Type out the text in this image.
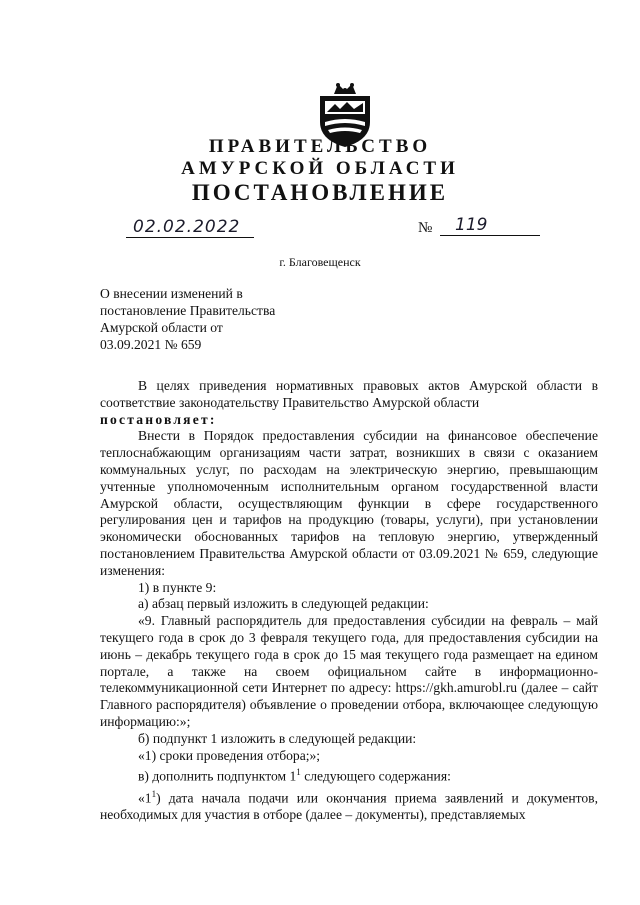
ПРАВИТЕЛЬСТВО
АМУРСКОЙ ОБЛАСТИ
ПОСТАНОВЛЕНИЕ
02.02.2022	№ 119
г. Благовещенск
О внесении изменений в
постановление Правительства
Амурской области от
03.09.2021 № 659

В целях приведения нормативных правовых актов Амурской области в соответствие законодательству Правительство Амурской области

постановляет:

Внести в Порядок предоставления субсидии на финансовое обеспечение теплоснабжающим организациям части затрат, возникших в связи с оказанием коммунальных услуг, по расходам на электрическую энергию, превышающим учтенные уполномоченным исполнительным органом государственной власти Амурской области, осуществляющим функции в сфере государственного регулирования цен и тарифов на продукцию (товары, услуги), при установлении экономически обоснованных тарифов на тепловую энергию, утвержденный постановлением Правительства Амурской области от 03.09.2021 № 659, следующие изменения:

1) в пункте 9:

а) абзац первый изложить в следующей редакции:

«9. Главный распорядитель для предоставления субсидии на февраль – май текущего года в срок до 3 февраля текущего года, для предоставления субсидии на июнь – декабрь текущего года в срок до 15 мая текущего года размещает на едином портале, а также на своем официальном сайте в информационно-телекоммуникационной сети Интернет по адресу: https://gkh.amurobl.ru (далее – сайт Главного распорядителя) объявление о проведении отбора, включающее следующую информацию:»;

б) подпункт 1 изложить в следующей редакции:

«1) сроки проведения отбора;»;

в) дополнить подпунктом $1^1$ следующего содержания:

«$1^1$) дата начала подачи или окончания приема заявлений и документов, необходимых для участия в отборе (далее – документы), представляемых
